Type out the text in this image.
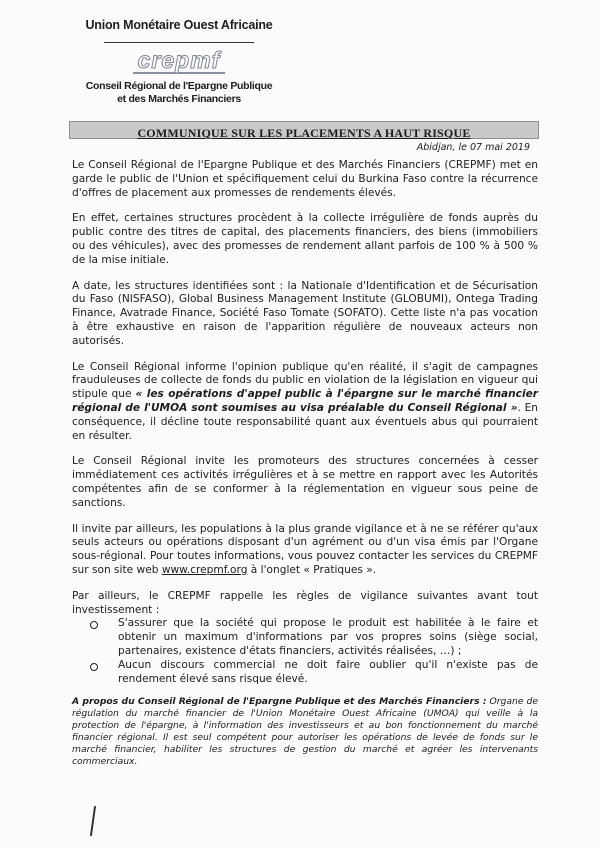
Union Monétaire Ouest Africaine
crepmf
Conseil Régional de l'Epargne Publique
et des Marchés Financiers
COMMUNIQUE SUR LES PLACEMENTS A HAUT RISQUE
Abidjan, le 07 mai 2019

Le Conseil Régional de l'Epargne Publique et des Marchés Financiers (CREPMF) met en garde le public de l'Union et spécifiquement celui du Burkina Faso contre la récurrence d'offres de placement aux promesses de rendements élevés.

En effet, certaines structures procèdent à la collecte irrégulière de fonds auprès du public contre des titres de capital, des placements financiers, des biens (immobiliers ou des véhicules), avec des promesses de rendement allant parfois de 100 % à 500 % de la mise initiale.

A date, les structures identifiées sont : la Nationale d'Identification et de Sécurisation du Faso (NISFASO), Global Business Management Institute (GLOBUMI), Ontega Trading Finance, Avatrade Finance, Société Faso Tomate (SOFATO). Cette liste n'a pas vocation à être exhaustive en raison de l'apparition régulière de nouveaux acteurs non autorisés.

Le Conseil Régional informe l'opinion publique qu'en réalité, il s'agit de campagnes frauduleuses de collecte de fonds du public en violation de la législation en vigueur qui stipule que « les opérations d'appel public à l'épargne sur le marché financier régional de l'UMOA sont soumises au visa préalable du Conseil Régional ». En conséquence, il décline toute responsabilité quant aux éventuels abus qui pourraient en résulter.

Le Conseil Régional invite les promoteurs des structures concernées à cesser immédiatement ces activités irrégulières et à se mettre en rapport avec les Autorités compétentes afin de se conformer à la réglementation en vigueur sous peine de sanctions.

Il invite par ailleurs, les populations à la plus grande vigilance et à ne se référer qu'aux seuls acteurs ou opérations disposant d'un agrément ou d'un visa émis par l'Organe sous-régional. Pour toutes informations, vous pouvez contacter les services du CREPMF sur son site web www.crepmf.org à l'onglet « Pratiques ».

Par ailleurs, le CREPMF rappelle les règles de vigilance suivantes avant tout investissement :

S'assurer que la société qui propose le produit est habilitée à le faire et obtenir un maximum d'informations par vos propres soins (siège social, partenaires, existence d'états financiers, activités réalisées, …) ;
Aucun discours commercial ne doit faire oublier qu'il n'existe pas de rendement élevé sans risque élevé.
A propos du Conseil Régional de l'Epargne Publique et des Marchés Financiers : Organe de régulation du marché financier de l'Union Monétaire Ouest Africaine (UMOA) qui veille à la protection de l'épargne, à l'information des investisseurs et au bon fonctionnement du marché financier régional. Il est seul compétent pour autoriser les opérations de levée de fonds sur le marché financier, habiliter les structures de gestion du marché et agréer les intervenants commerciaux.
